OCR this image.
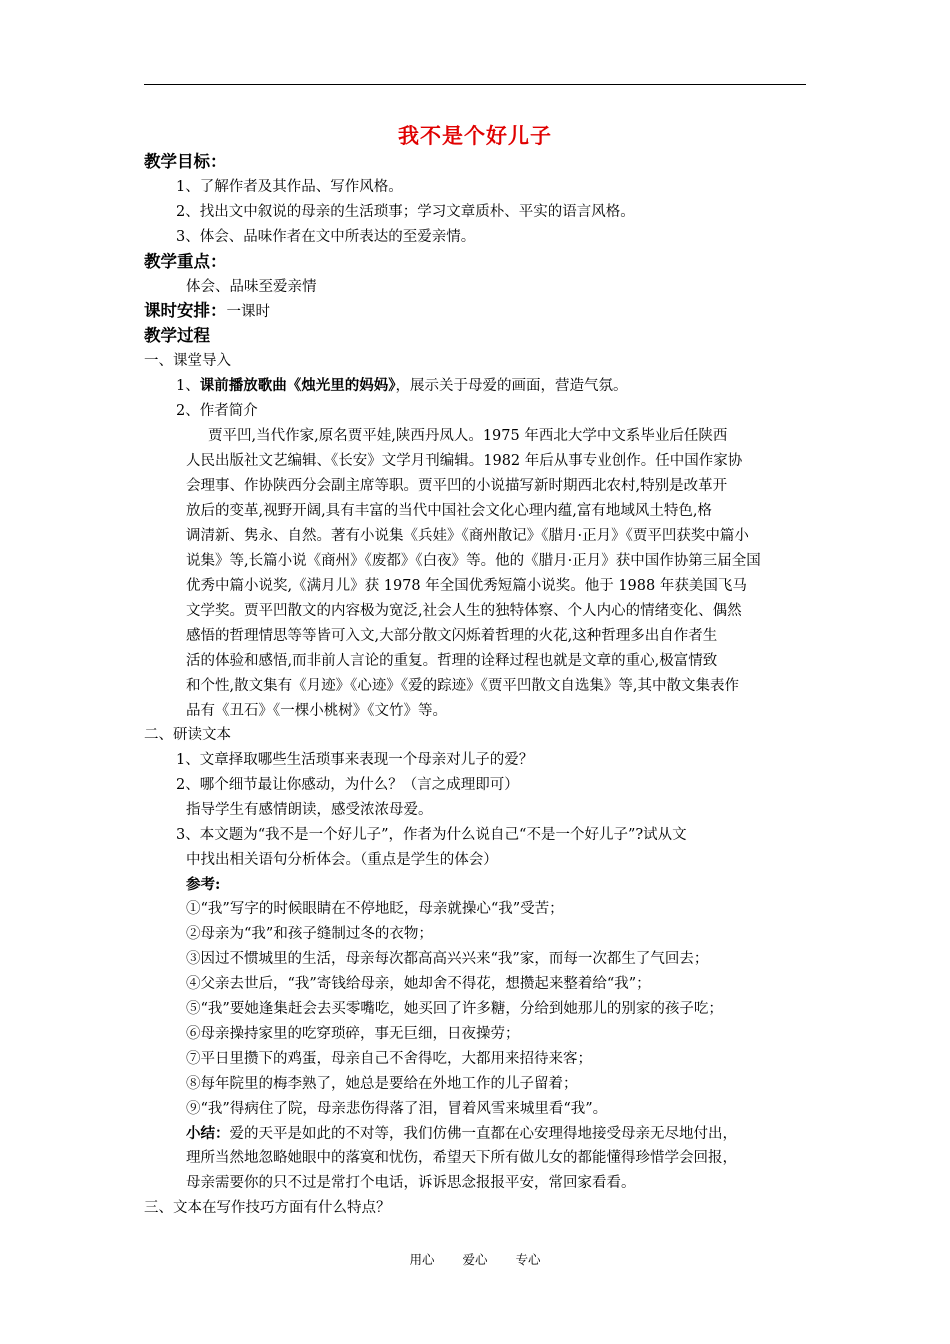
我不是个好儿子
教学目标：
1、了解作者及其作品、写作风格。
2、找出文中叙说的母亲的生活琐事；学习文章质朴、平实的语言风格。
3、体会、品味作者在文中所表达的至爱亲情。
教学重点：
体会、品味至爱亲情
课时安排：一课时
教学过程
一、课堂导入
1、课前播放歌曲《烛光里的妈妈》，展示关于母爱的画面，营造气氛。
2、作者简介
贾平凹,当代作家,原名贾平娃,陕西丹凤人。1975 年西北大学中文系毕业后任陕西
人民出版社文艺编辑、《长安》文学月刊编辑。1982 年后从事专业创作。任中国作家协
会理事、作协陕西分会副主席等职。贾平凹的小说描写新时期西北农村,特别是改革开
放后的变革,视野开阔,具有丰富的当代中国社会文化心理内蕴,富有地域风土特色,格
调清新、隽永、自然。著有小说集《兵娃》《商州散记》《腊月·正月》《贾平凹获奖中篇小
说集》等,长篇小说《商州》《废都》《白夜》等。他的《腊月·正月》获中国作协第三届全国
优秀中篇小说奖,《满月儿》获 1978 年全国优秀短篇小说奖。他于 1988 年获美国飞马
文学奖。贾平凹散文的内容极为宽泛,社会人生的独特体察、个人内心的情绪变化、偶然
感悟的哲理情思等等皆可入文,大部分散文闪烁着哲理的火花,这种哲理多出自作者生
活的体验和感悟,而非前人言论的重复。哲理的诠释过程也就是文章的重心,极富情致
和个性,散文集有《月迹》《心迹》《爱的踪迹》《贾平凹散文自选集》等,其中散文集表作
品有《丑石》《一棵小桃树》《文竹》等。
二、研读文本
1、文章择取哪些生活琐事来表现一个母亲对儿子的爱？
2、哪个细节最让你感动，为什么？（言之成理即可）
指导学生有感情朗读，感受浓浓母爱。
3、本文题为“我不是一个好儿子”，作者为什么说自己“不是一个好儿子”?试从文
中找出相关语句分析体会。（重点是学生的体会）
参考:
①“我”写字的时候眼睛在不停地眨，母亲就操心“我”受苦；
②母亲为“我”和孩子缝制过冬的衣物；
③因过不惯城里的生活，母亲每次都高高兴兴来“我”家，而每一次都生了气回去；
④父亲去世后，“我”寄钱给母亲，她却舍不得花，想攒起来整着给“我”；
⑤“我”要她逢集赶会去买零嘴吃，她买回了许多糖，分给到她那儿的别家的孩子吃；
⑥母亲操持家里的吃穿琐碎，事无巨细，日夜操劳；
⑦平日里攒下的鸡蛋，母亲自己不舍得吃，大都用来招待来客；
⑧每年院里的梅李熟了，她总是要给在外地工作的儿子留着；
⑨“我”得病住了院，母亲悲伤得落了泪，冒着风雪来城里看“我”。
小结：爱的天平是如此的不对等，我们仿佛一直都在心安理得地接受母亲无尽地付出，
理所当然地忽略她眼中的落寞和忧伤，希望天下所有做儿女的都能懂得珍惜学会回报，
母亲需要你的只不过是常打个电话，诉诉思念报报平安，常回家看看。
三、文本在写作技巧方面有什么特点？
用心 爱心 专心
